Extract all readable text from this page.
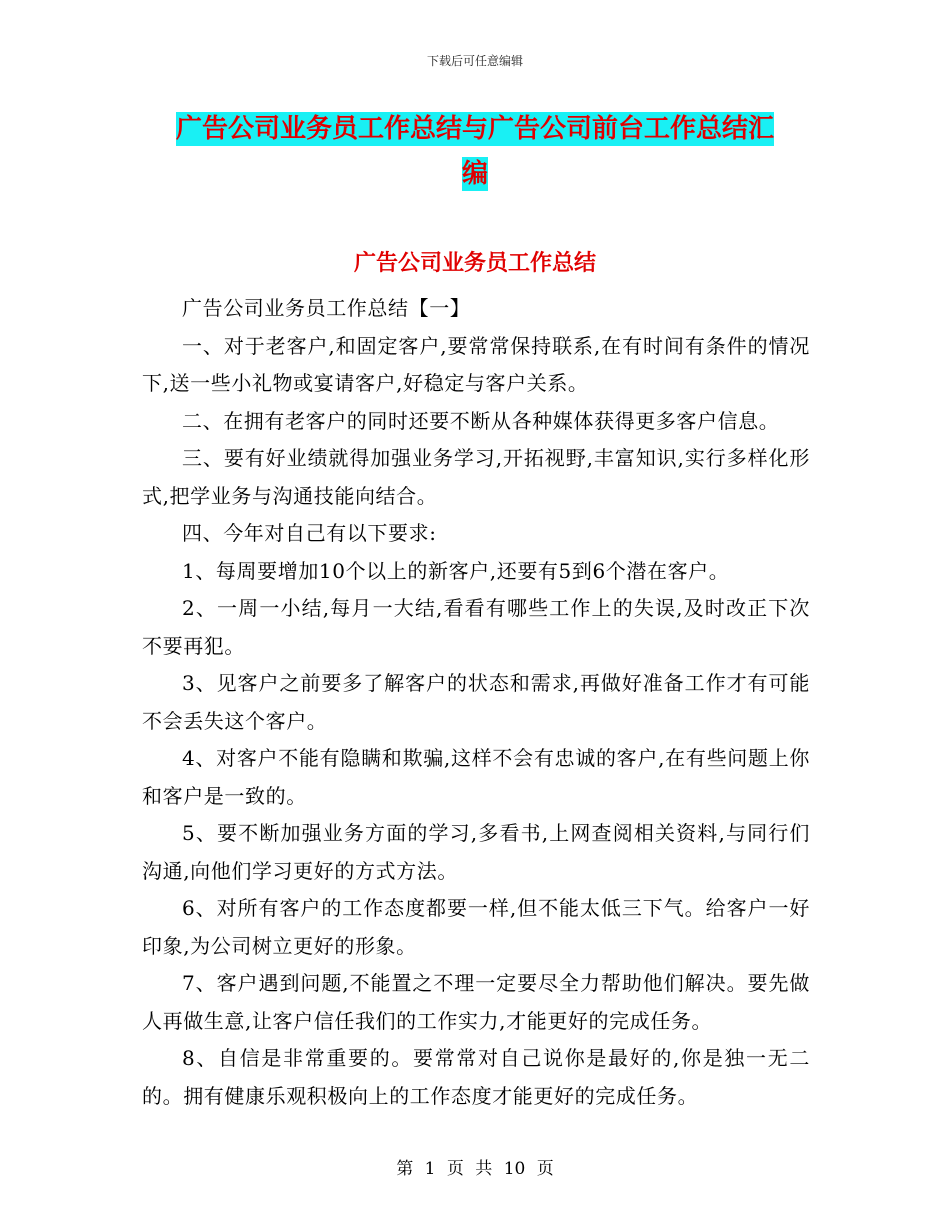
下载后可任意编辑
广告公司业务员工作总结与广告公司前台工作总结汇
编
广告公司业务员工作总结

广告公司业务员工作总结【一】

一、对于老客户,和固定客户,要常常保持联系,在有时间有条件的情况下,送一些小礼物或宴请客户,好稳定与客户关系。

二、在拥有老客户的同时还要不断从各种媒体获得更多客户信息。

三、要有好业绩就得加强业务学习,开拓视野,丰富知识,实行多样化形式,把学业务与沟通技能向结合。

四、今年对自己有以下要求:

1、每周要增加10个以上的新客户,还要有5到6个潜在客户。

2、一周一小结,每月一大结,看看有哪些工作上的失误,及时改正下次不要再犯。

3、见客户之前要多了解客户的状态和需求,再做好准备工作才有可能不会丢失这个客户。

4、对客户不能有隐瞒和欺骗,这样不会有忠诚的客户,在有些问题上你和客户是一致的。

5、要不断加强业务方面的学习,多看书,上网查阅相关资料,与同行们沟通,向他们学习更好的方式方法。

6、对所有客户的工作态度都要一样,但不能太低三下气。给客户一好印象,为公司树立更好的形象。

7、客户遇到问题,不能置之不理一定要尽全力帮助他们解决。要先做人再做生意,让客户信任我们的工作实力,才能更好的完成任务。

8、自信是非常重要的。要常常对自己说你是最好的,你是独一无二的。拥有健康乐观积极向上的工作态度才能更好的完成任务。

第 1 页 共 10 页
